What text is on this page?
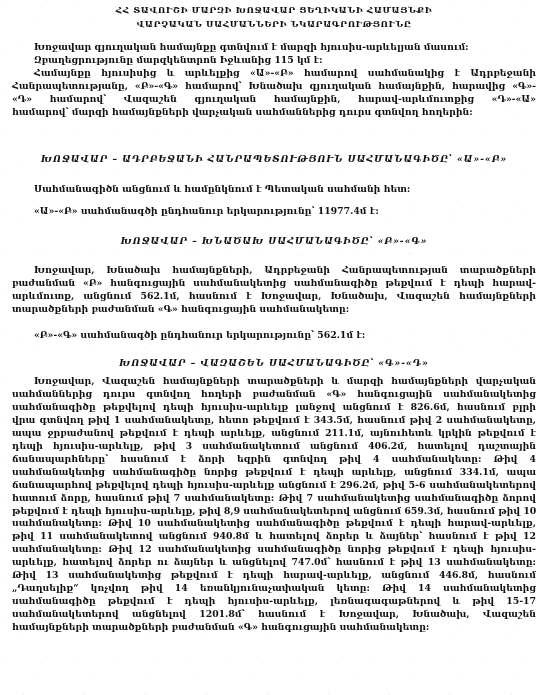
ՀՀ ՏԱՎՈՒՇԻ ՄԱՐԶԻ ԽՈՋԱՎԱՐ ՑԵՂԻԿԱՆԻ ՀԱՄԱՅՆՔԻ
ՎԱՐՉԱԿԱՆ ՍԱՀՄԱՆՆԵՐԻ ՆԿԱՐԱԳՐՈՒԹՅՈՒՆԸ
Խոջավար գյուղական համայնքը գտնվում է մարզի հյուսիս-արևելյան մասում:
Զբաղեցրությունը մարզկենտրոն Իջևանից 115 կմ է:
Համայնքը հյուսիսից և արևելքից «Ա»-«Բ» համարով սահմանակից է Ադրբեջանի
Հանրապետությանը, «Բ»-«Գ» համարով՝ Խնածախ գյուղական համայնքին, հարավից «Գ»-
«Դ» համարով՝ Վազաշեն գյուղական համայնքին, հարավ-արևմուտքից «Դ»-«Ա»
համարով՝ մարզի համայնքների վարչական սահմաններից դուրս գտնվող հողերին:
ԽՈՋԱՎԱՐ – ԱԴՐԲԵՋԱՆԻ ՀԱՆՐԱՊԵՏՈՒԹՅՈՒՆ ՍԱՀՄԱՆԱԳԻԾԸ՝ «Ա»-«Բ»
Սահմանագիծն անցնում և համընկնում է Պետական սահմանի հետ:
«Ա»-«Բ» սահմանագծի ընդհանուր երկարությունը՝ 11977.4մ է:
ԽՈՋԱՎԱՐ – ԽՆԱԾԱԽ ՍԱՀՄԱՆԱԳԻԾԸ՝ «Բ»-«Գ»
Խոջավար, Խնածախ համայնքների, Ադրբեջանի Հանրապետության տարածքների
բաժանման «Բ» հանգուցային սահմանակետից սահմանագիծը թեքվում է դեպի հարավ-
արևմուտք, անցնում 562.1մ, հասնում է Խոջավար, Խնածախ, Վազաշեն համայնքների
տարածքների բաժանման «Գ» հանգուցային սահմանակետը:
«Բ»-«Գ» սահմանագծի ընդհանուր երկարությունը՝ 562.1մ է:
ԽՈՋԱՎԱՐ – ՎԱԶԱՇԵՆ ՍԱՀՄԱՆԱԳԻԾԸ՝ «Գ»-«Դ»
Խոջավար, Վազաշեն համայնքների տարածքների և մարզի համայնքների վարչական
սահմաններից դուրս գտնվող հողերի բաժանման «Գ» հանգուցային սահմանակետից
սահմանագիծը թեքվելով դեպի հյուսիս-արևելք լանջով անցնում է 826.6մ, հասնում բլրի
վրա գտնվող թիվ 1 սահմանակետը, հետո թեքվում է 343.5մ, հասնում թիվ 2 սահմանակետը,
ապա ջրբաժանով թեքվում է դեպի արևելք, անցնում 211.1մ, այնուհետև կրկին թեքվում է
դեպի հյուսիս-արևելք, թիվ 3 սահմանակետում անցնում 406.2մ, հատելով դաշտային
ճանապարհները՝ հասնում է ձորի եզրին գտնվող թիվ 4 սահմանակետը: Թիվ 4
սահմանակետից սահմանագիծը նորից թեքվում է դեպի արևելք, անցնում 334.1մ, ապա
ճանապարհով թեքվելով դեպի հյուսիս-արևելք անցնում է 296.2մ, թիվ 5-6 սահմանակետերով
հատում ձորը, հասնում թիվ 7 սահմանակետը: Թիվ 7 սահմանակետից սահմանագիծը ձորով
թեքվում է դեպի հյուսիս-արևելք, թիվ 8,9 սահմանակետերով անցնում 659.3մ, հասնում թիվ 10
սահմանակետը: Թիվ 10 սահմանակետից սահմանագիծը թեքվում է դեպի հարավ-արևելք,
թիվ 11 սահմանակետով անցնում 940.8մ և հատելով ձորեր և ձայներ՝ հասնում է թիվ 12
սահմանակետը: Թիվ 12 սահմանակետից սահմանագիծը նորից թեքվում է դեպի հյուսիս-
արևելք, հատելով ձորեր ու ձայներ և անցնելով 747.0մ՝ հասնում է թիվ 13 սահմանակետը:
Թիվ 13 սահմանակետից թեքվում է դեպի հարավ-արևելք, անցնում 446.8մ, հասնում
„Դաղսելիք“ կոչվող թիվ 14 եռանկյունաչափական կետը: Թիվ 14 սահմանակետից
սահմանագիծը թեքվում է դեպի հյուսիս-արևելք, լեռնագագաթներով և թիվ 15-17
սահմանակետերով անցնելով 1201.8մ՝ հասնում է Խոջավար, Խնածախ, Վազաշեն
համայնքների տարածքների բաժանման «Գ» հանգուցային սահմանակետը:
